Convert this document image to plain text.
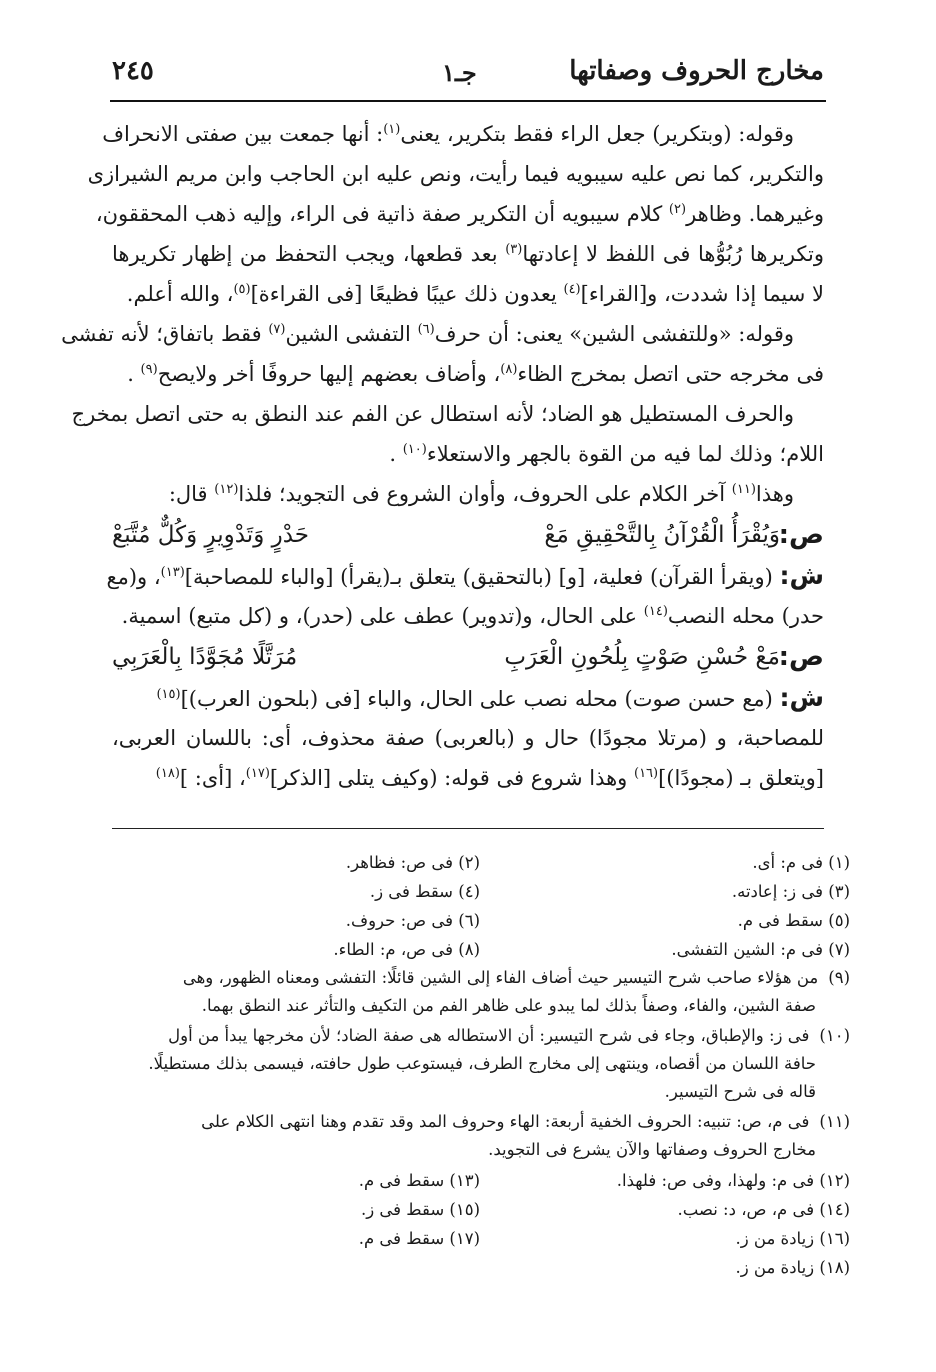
مخارج الحروف وصفاتها
جـ١
٢٤٥
وقوله: (وبتكرير) جعل الراء فقط بتكرير، يعنى$^{(١)}$: أنها جمعت بين صفتى الانحراف
والتكرير، كما نص عليه سيبويه فيما رأيت، ونص عليه ابن الحاجب وابن مريم الشيرازى
وغيرهما. وظاهر$^{(٢)}$ كلام سيبويه أن التكرير صفة ذاتية فى الراء، وإليه ذهب المحققون،
وتكريرها رُبُوُّها فى اللفظ لا إعادتها$^{(٣)}$ بعد قطعها، ويجب التحفظ من إظهار تكريرها
لا سيما إذا شددت، و[القراء]$^{(٤)}$ يعدون ذلك عيبًا فظيعًا [فى القراءة]$^{(٥)}$، والله أعلم.
وقوله: «وللتفشى الشين» يعنى: أن حرف$^{(٦)}$ التفشى الشين$^{(٧)}$ فقط باتفاق؛ لأنه تفشى
فى مخرجه حتى اتصل بمخرج الظاء$^{(٨)}$، وأضاف بعضهم إليها حروفًا أخر ولايصح$^{(٩)}$ .
والحرف المستطيل هو الضاد؛ لأنه استطال عن الفم عند النطق به حتى اتصل بمخرج
اللام؛ وذلك لما فيه من القوة بالجهر والاستعلاء$^{(١٠)}$ .
وهذا$^{(١١)}$ آخر الكلام على الحروف، وأوان الشروع فى التجويد؛ فلذا$^{(١٢)}$ قال:
ص:
وَيُقْرَأُ الْقُرْآنُ بِالتَّحْقِيقِ مَعْ
حَدْرٍ وَتَدْوِيرٍ وَكُلٌّ مُتَّبَعْ
ش: (ويقرأ القرآن) فعلية، [و] (بالتحقيق) يتعلق بـ(يقرأ) [والباء للمصاحبة]$^{(١٣)}$، و(مع
حدر) محله النصب$^{(١٤)}$ على الحال، و(تدوير) عطف على (حدر)، و (كل متبع) اسمية.
ص:
مَعْ حُسْنِ صَوْتٍ بِلُحُونِ الْعَرَبِ
مُرَتَّلًا مُجَوَّدًا بِالْعَرَبِي
ش: (مع حسن صوت) محله نصب على الحال، والباء [فى (بلحون العرب)]$^{(١٥)}$
للمصاحبة، و (مرتلا مجودًا) حال و (بالعربى) صفة محذوف، أى: باللسان العربى،
[ويتعلق بـ (مجودًا)]$^{(١٦)}$ وهذا شروع فى قوله: (وكيف يتلى [الذكر]$^{(١٧)}$، [أى: ]$^{(١٨)}$
(١) فى م: أى.
(٢) فى ص: فظاهر.
(٣) فى ز: إعادته.
(٤) سقط فى ز.
(٥) سقط فى م.
(٦) فى ص: حروف.
(٧) فى م: الشين التفشى.
(٨) فى ص، م: الطاء.
(٩)من هؤلاء صاحب شرح التيسير حيث أضاف الفاء إلى الشين قائلًا: التفشى ومعناه الظهور، وهى
صفة الشين، والفاء، وصفاً بذلك لما يبدو على ظاهر الفم من التكيف والتأثر عند النطق بهما.
(١٠)فى ز: والإطباق، وجاء فى شرح التيسير: أن الاستطاله هى صفة الضاد؛ لأن مخرجها يبدأ من أول
حافة اللسان من أقصاه، وينتهى إلى مخارج الطرف، فيستوعب طول حافته، فيسمى بذلك مستطيلًا.
قاله فى شرح التيسير.
(١١)فى م، ص: تنبيه: الحروف الخفية أربعة: الهاء وحروف المد وقد تقدم وهنا انتهى الكلام على
مخارج الحروف وصفاتها والآن يشرع فى التجويد.
(١٢) فى م: ولهذا، وفى ص: فلهذا.
(١٣) سقط فى م.
(١٤) فى م، ص، د: نصب.
(١٥) سقط فى ز.
(١٦) زيادة من ز.
(١٧) سقط فى م.
(١٨) زيادة من ز.
